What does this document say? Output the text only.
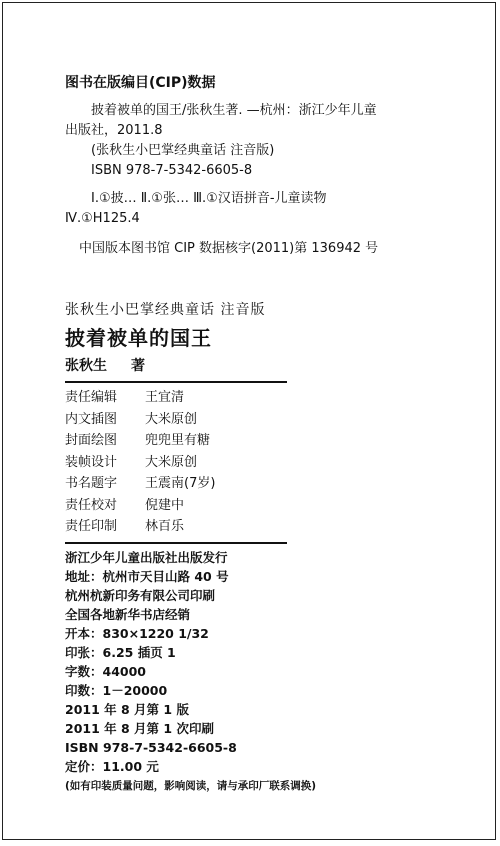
图书在版编目(CIP)数据
披着被单的国王/张秋生著. —杭州：浙江少年儿童
出版社，2011.8
(张秋生小巴掌经典童话 注音版)
ISBN 978-7-5342-6605-8
Ⅰ.①披… Ⅱ.①张… Ⅲ.①汉语拼音-儿童读物
Ⅳ.①H125.4
中国版本图书馆 CIP 数据核字(2011)第 136942 号
张秋生小巴掌经典童话 注音版
披着被单的国王
张秋生 著
责任编辑 王宜清
内文插图 大米原创
封面绘图 兜兜里有糖
装帧设计 大米原创
书名题字 王震南(7岁)
责任校对 倪建中
责任印制 林百乐
浙江少年儿童出版社出版发行
地址：杭州市天目山路 40 号
杭州杭新印务有限公司印刷
全国各地新华书店经销
开本：830×1220 1/32
印张：6.25 插页 1
字数：44000
印数：1－20000
2011 年 8 月第 1 版
2011 年 8 月第 1 次印刷
ISBN 978-7-5342-6605-8
定价：11.00 元
(如有印装质量问题，影响阅读，请与承印厂联系调换)
